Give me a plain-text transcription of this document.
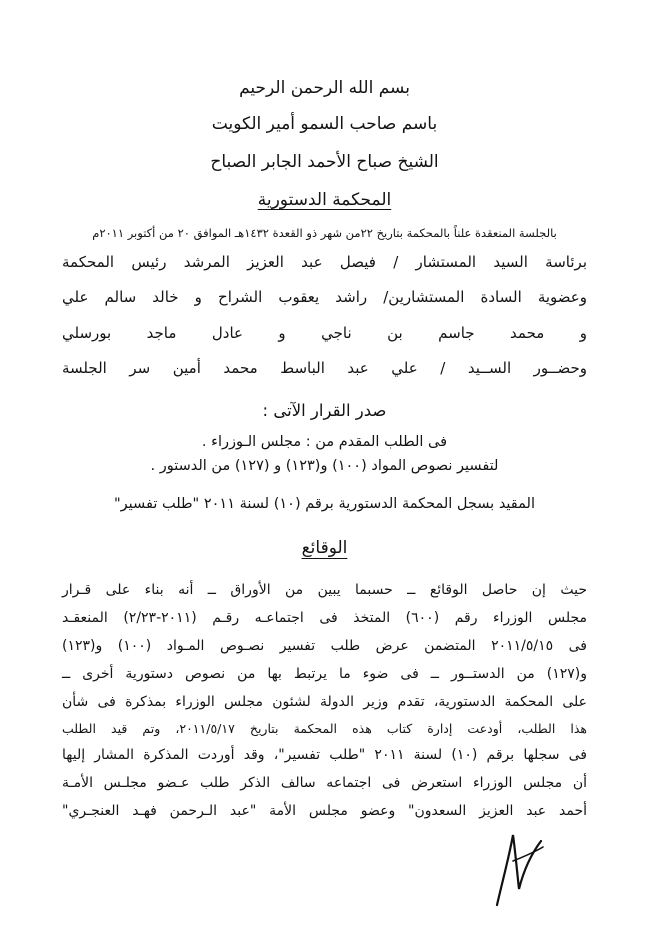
بسم الله الرحمن الرحيم
باسم صاحب السمو أمير الكويت
الشيخ صباح الأحمد الجابر الصباح
المحكمة الدستورية
بالجلسة المنعقدة علناً بالمحكمة بتاريخ ٢٢من شهر ذو القعدة ١٤٣٢هـ الموافق ٢٠ من أكتوبر ٢٠١١م
برئاسة السيد المستشار / فيصل عبد العزيز المرشد رئيس المحكمة
وعضوية السادة المستشارين/ راشد يعقوب الشراح و خالد سالم علي
و محمد جاسم بن ناجي و عادل ماجد بورسلي
وحضــور الســيد / علي عبد الباسط محمد أمين سر الجلسة
صدر القرار الآتى :
فى الطلب المقدم من : مجلس الـوزراء .
لتفسير نصوص المواد (١٠٠) و(١٢٣) و (١٢٧) من الدستور .
المقيد بسجل المحكمة الدستورية برقم (١٠) لسنة ٢٠١١ "طلب تفسير"
الوقائع
حيث إن حاصل الوقائع ــ حسبما يبين من الأوراق ــ أنه بناء على قـرار
مجلس الوزراء رقم (٦٠٠) المتخذ فى اجتماعـه رقـم (٢٠١١-٢/٢٣) المنعقـد
فى ٢٠١١/٥/١٥ المتضمن عرض طلب تفسير نصـوص المـواد (١٠٠) و(١٢٣)
و(١٢٧) من الدستــور ــ فى ضوء ما يرتبط بها من نصوص دستورية أخرى ــ
على المحكمة الدستورية، تقدم وزير الدولة لشئون مجلس الوزراء بمذكرة فى شأن
هذا الطلب، أودعت إدارة كتاب هذه المحكمة بتاريخ ٢٠١١/٥/١٧، وتم قيد الطلب
فى سجلها برقم (١٠) لسنة ٢٠١١ "طلب تفسير"، وقد أوردت المذكرة المشار إليها
أن مجلس الوزراء استعرض فى اجتماعه سالف الذكر طلب عـضو مجلـس الأمـة
أحمد عبد العزيز السعدون" وعضو مجلس الأمة "عبد الـرحمن فهـد العنجـري"
